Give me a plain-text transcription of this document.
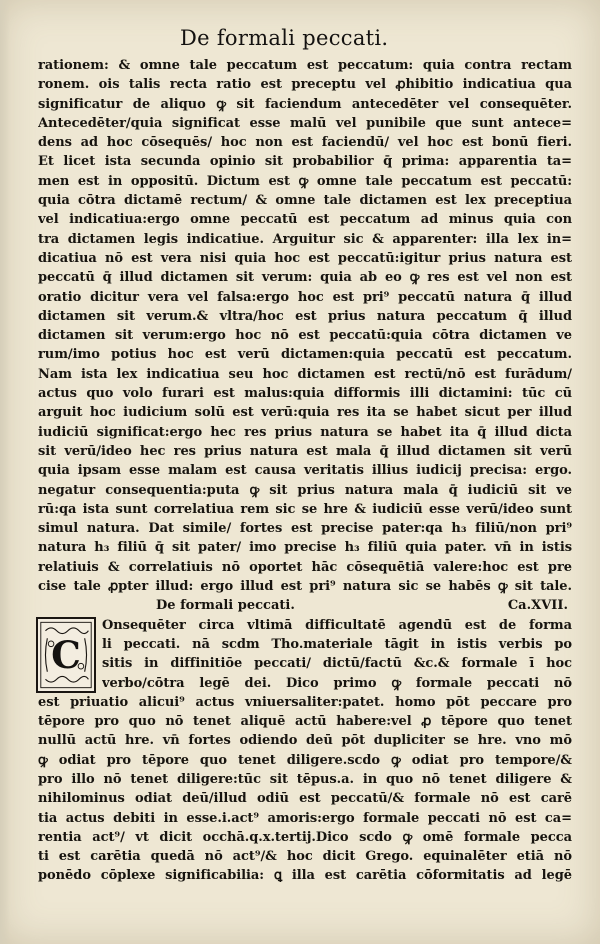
De formali peccati.
rationem: & omne tale peccatum est peccatum: quia contra rectam
ronem. ois talis recta ratio est preceptu vel ꝓhibitio indicatiua qua
significatur de aliquo ꝙ sit faciendum antecedēter vel consequēter.
Antecedēter/quia significat esse malū vel punibile que sunt antece=
dens ad hoc cōsequēs/ hoc non est faciendū/ vel hoc est bonū fieri.
Et licet ista secunda opinio sit probabilior q̄ prima: apparentia ta=
men est in oppositū. Dictum est ꝙ omne tale peccatum est peccatū:
quia cōtra dictamē rectum/ & omne tale dictamen est lex preceptiua
vel indicatiua:ergo omne peccatū est peccatum ad minus quia con
tra dictamen legis indicatiue. Arguitur sic & apparenter: illa lex in=
dicatiua nō est vera nisi quia hoc est peccatū:igitur prius natura est
peccatū q̄ illud dictamen sit verum: quia ab eo ꝙ res est vel non est
oratio dicitur vera vel falsa:ergo hoc est pri⁹ peccatū natura q̄ illud
dictamen sit verum.& vltra/hoc est prius natura peccatum q̄ illud
dictamen sit verum:ergo hoc nō est peccatū:quia cōtra dictamen ve
rum/imo potius hoc est verū dictamen:quia peccatū est peccatum.
Nam ista lex indicatiua seu hoc dictamen est rectū/nō est furādum/
actus quo volo furari est malus:quia difformis illi dictamini: tūc cū
arguit hoc iudicium solū est verū:quia res ita se habet sicut per illud
iudiciū significat:ergo hec res prius natura se habet ita q̄ illud dicta
sit verū/ideo hec res prius natura est mala q̄ illud dictamen sit verū
quia ipsam esse malam est causa veritatis illius iudicij precisa: ergo.
negatur consequentia:puta ꝙ sit prius natura mala q̄ iudiciū sit ve
rū:qa ista sunt correlatiua rem sic se hre & iudiciū esse verū/ideo sunt
simul natura. Dat simile/ fortes est precise pater:qa h₃ filiū/non pri⁹
natura h₃ filiū q̄ sit pater/ imo precise h₃ filiū quia pater. vn̄ in istis
relatiuis & correlatiuis nō oportet hāc cōsequētiā valere:hoc est pre
cise tale ꝓpter illud: ergo illud est pri⁹ natura sic se habēs ꝙ sit tale.
De formali peccati.	Ca.XVII.
C
Onsequēter circa vltimā difficultatē agendū est de forma
li peccati. nā scdm Tho.materiale tāgit in istis verbis po
sitis in diffinitiōe peccati/ dictū/factū &c.& formale ī hoc
verbo/cōtra legē dei. Dico primo ꝙ formale peccati nō
est priuatio alicui⁹ actus vniuersaliter:patet. homo pōt peccare pro
tēpore pro quo nō tenet aliquē actū habere:vel ꝓ tēpore quo tenet
nullū actū hre. vn̄ fortes odiendo deū pōt dupliciter se hre. vno mō
ꝙ odiat pro tēpore quo tenet diligere.scdo ꝙ odiat pro tempore/&
pro illo nō tenet diligere:tūc sit tēpus.a. in quo nō tenet diligere &
nihilominus odiat deū/illud odiū est peccatū/& formale nō est carē
tia actus debiti in esse.i.act⁹ amoris:ergo formale peccati nō est ca=
rentia act⁹/ vt dicit occhā.q.x.tertij.Dico scdo ꝙ omē formale pecca
ti est carētia quedā nō act⁹/& hoc dicit Grego. equinalēter etiā nō
ponēdo cōplexe significabilia: ꝗ illa est carētia cōformitatis ad legē
